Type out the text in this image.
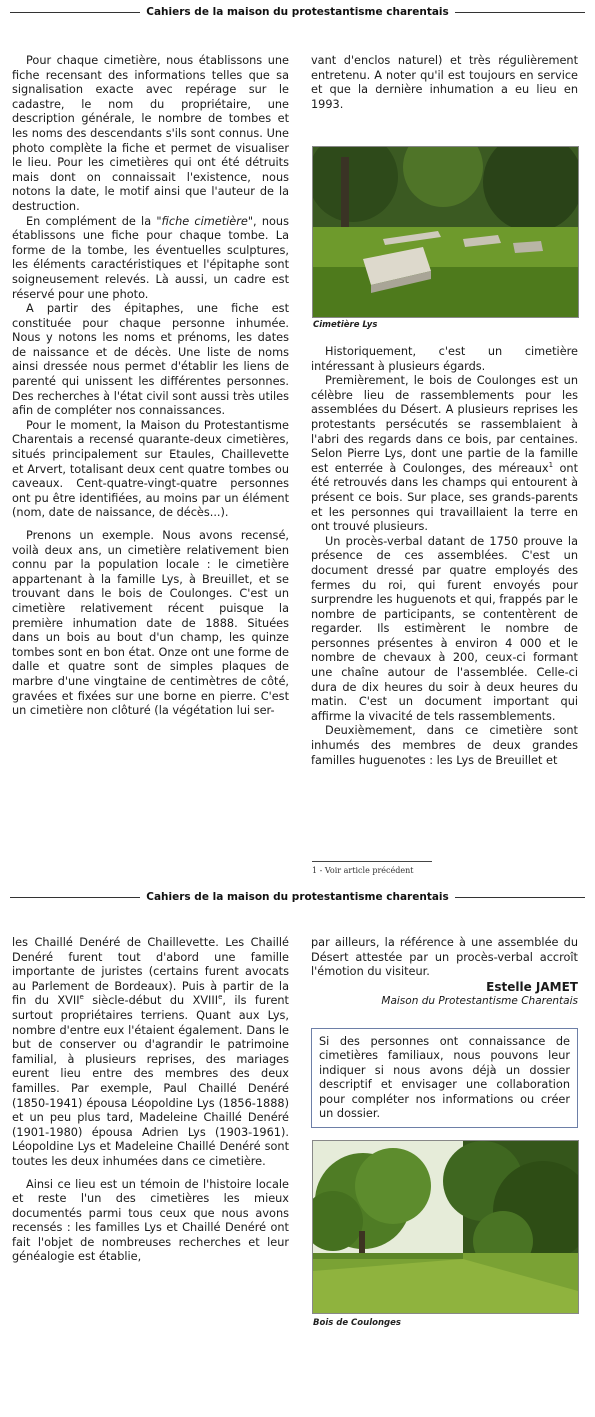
Cahiers de la maison du protestantisme charentais

Pour chaque cimetière, nous établissons une fiche recensant des informations telles que sa signalisation exacte avec repérage sur le cadastre, le nom du propriétaire, une description générale, le nombre de tombes et les noms des descendants s'ils sont connus. Une photo complète la fiche et permet de visualiser le lieu. Pour les cimetières qui ont été détruits mais dont on connaissait l'existence, nous notons la date, le motif ainsi que l'auteur de la destruction.

En complément de la "fiche cimetière", nous établissons une fiche pour chaque tombe. La forme de la tombe, les éventuelles sculptures, les éléments caractéristiques et l'épitaphe sont soigneusement relevés. Là aussi, un cadre est réservé pour une photo.

A partir des épitaphes, une fiche est constituée pour chaque personne inhumée. Nous y notons les noms et prénoms, les dates de naissance et de décès. Une liste de noms ainsi dressée nous permet d'établir les liens de parenté qui unissent les différentes personnes. Des recherches à l'état civil sont aussi très utiles afin de compléter nos connaissances.

Pour le moment, la Maison du Protestantisme Charentais a recensé quarante-deux cimetières, situés principalement sur Etaules, Chaillevette et Arvert, totalisant deux cent quatre tombes ou caveaux. Cent-quatre-vingt-quatre personnes ont pu être identifiées, au moins par un élément (nom, date de naissance, de décès...).

Prenons un exemple. Nous avons recensé, voilà deux ans, un cimetière relativement bien connu par la population locale : le cimetière appartenant à la famille Lys, à Breuillet, et se trouvant dans le bois de Coulonges. C'est un cimetière relativement récent puisque la première inhumation date de 1888. Situées dans un bois au bout d'un champ, les quinze tombes sont en bon état. Onze ont une forme de dalle et quatre sont de simples plaques de marbre d'une vingtaine de centimètres de côté, gravées et fixées sur une borne en pierre. C'est un cimetière non clôturé (la végétation lui ser-

vant d'enclos naturel) et très régulièrement entretenu. A noter qu'il est toujours en service et que la dernière inhumation a eu lieu en 1993.

Cimetière Lys

Historiquement, c'est un cimetière intéressant à plusieurs égards.

Premièrement, le bois de Coulonges est un célèbre lieu de rassemblements pour les assemblées du Désert. A plusieurs reprises les protestants persécutés se rassemblaient à l'abri des regards dans ce bois, par centaines. Selon Pierre Lys, dont une partie de la famille est enterrée à Coulonges, des méreaux$^1$ ont été retrouvés dans les champs qui entourent à présent ce bois. Sur place, ses grands-parents et les personnes qui travaillaient la terre en ont trouvé plusieurs.

Un procès-verbal datant de 1750 prouve la présence de ces assemblées. C'est un document dressé par quatre employés des fermes du roi, qui furent envoyés pour surprendre les huguenots et qui, frappés par le nombre de participants, se contentèrent de regarder. Ils estimèrent le nombre de personnes présentes à environ 4 000 et le nombre de chevaux à 200, ceux-ci formant une chaîne autour de l'assemblée. Celle-ci dura de dix heures du soir à deux heures du matin. C'est un document important qui affirme la vivacité de tels rassemblements.

Deuxièmement, dans ce cimetière sont inhumés des membres de deux grandes familles huguenotes : les Lys de Breuillet et

1 - Voir article précédent
Cahiers de la maison du protestantisme charentais

les Chaillé Denéré de Chaillevette. Les Chaillé Denéré furent tout d'abord une famille importante de juristes (certains furent avocats au Parlement de Bordeaux). Puis à partir de la fin du XVIIe siècle-début du XVIIIe, ils furent surtout propriétaires terriens. Quant aux Lys, nombre d'entre eux l'étaient également. Dans le but de conserver ou d'agrandir le patrimoine familial, à plusieurs reprises, des mariages eurent lieu entre des membres des deux familles. Par exemple, Paul Chaillé Denéré (1850-1941) épousa Léopoldine Lys (1856-1888) et un peu plus tard, Madeleine Chaillé Denéré (1901-1980) épousa Adrien Lys (1903-1961). Léopoldine Lys et Madeleine Chaillé Denéré sont toutes les deux inhumées dans ce cimetière.

Ainsi ce lieu est un témoin de l'histoire locale et reste l'un des cimetières les mieux documentés parmi tous ceux que nous avons recensés : les familles Lys et Chaillé Denéré ont fait l'objet de nombreuses recherches et leur généalogie est établie,

par ailleurs, la référence à une assemblée du Désert attestée par un procès-verbal accroît l'émotion du visiteur.

Estelle JAMET

Maison du Protestantisme Charentais

Si des personnes ont connaissance de cimetières familiaux, nous pouvons leur indiquer si nous avons déjà un dossier descriptif et envisager une collaboration pour compléter nos informations ou créer un dossier.
Bois de Coulonges
